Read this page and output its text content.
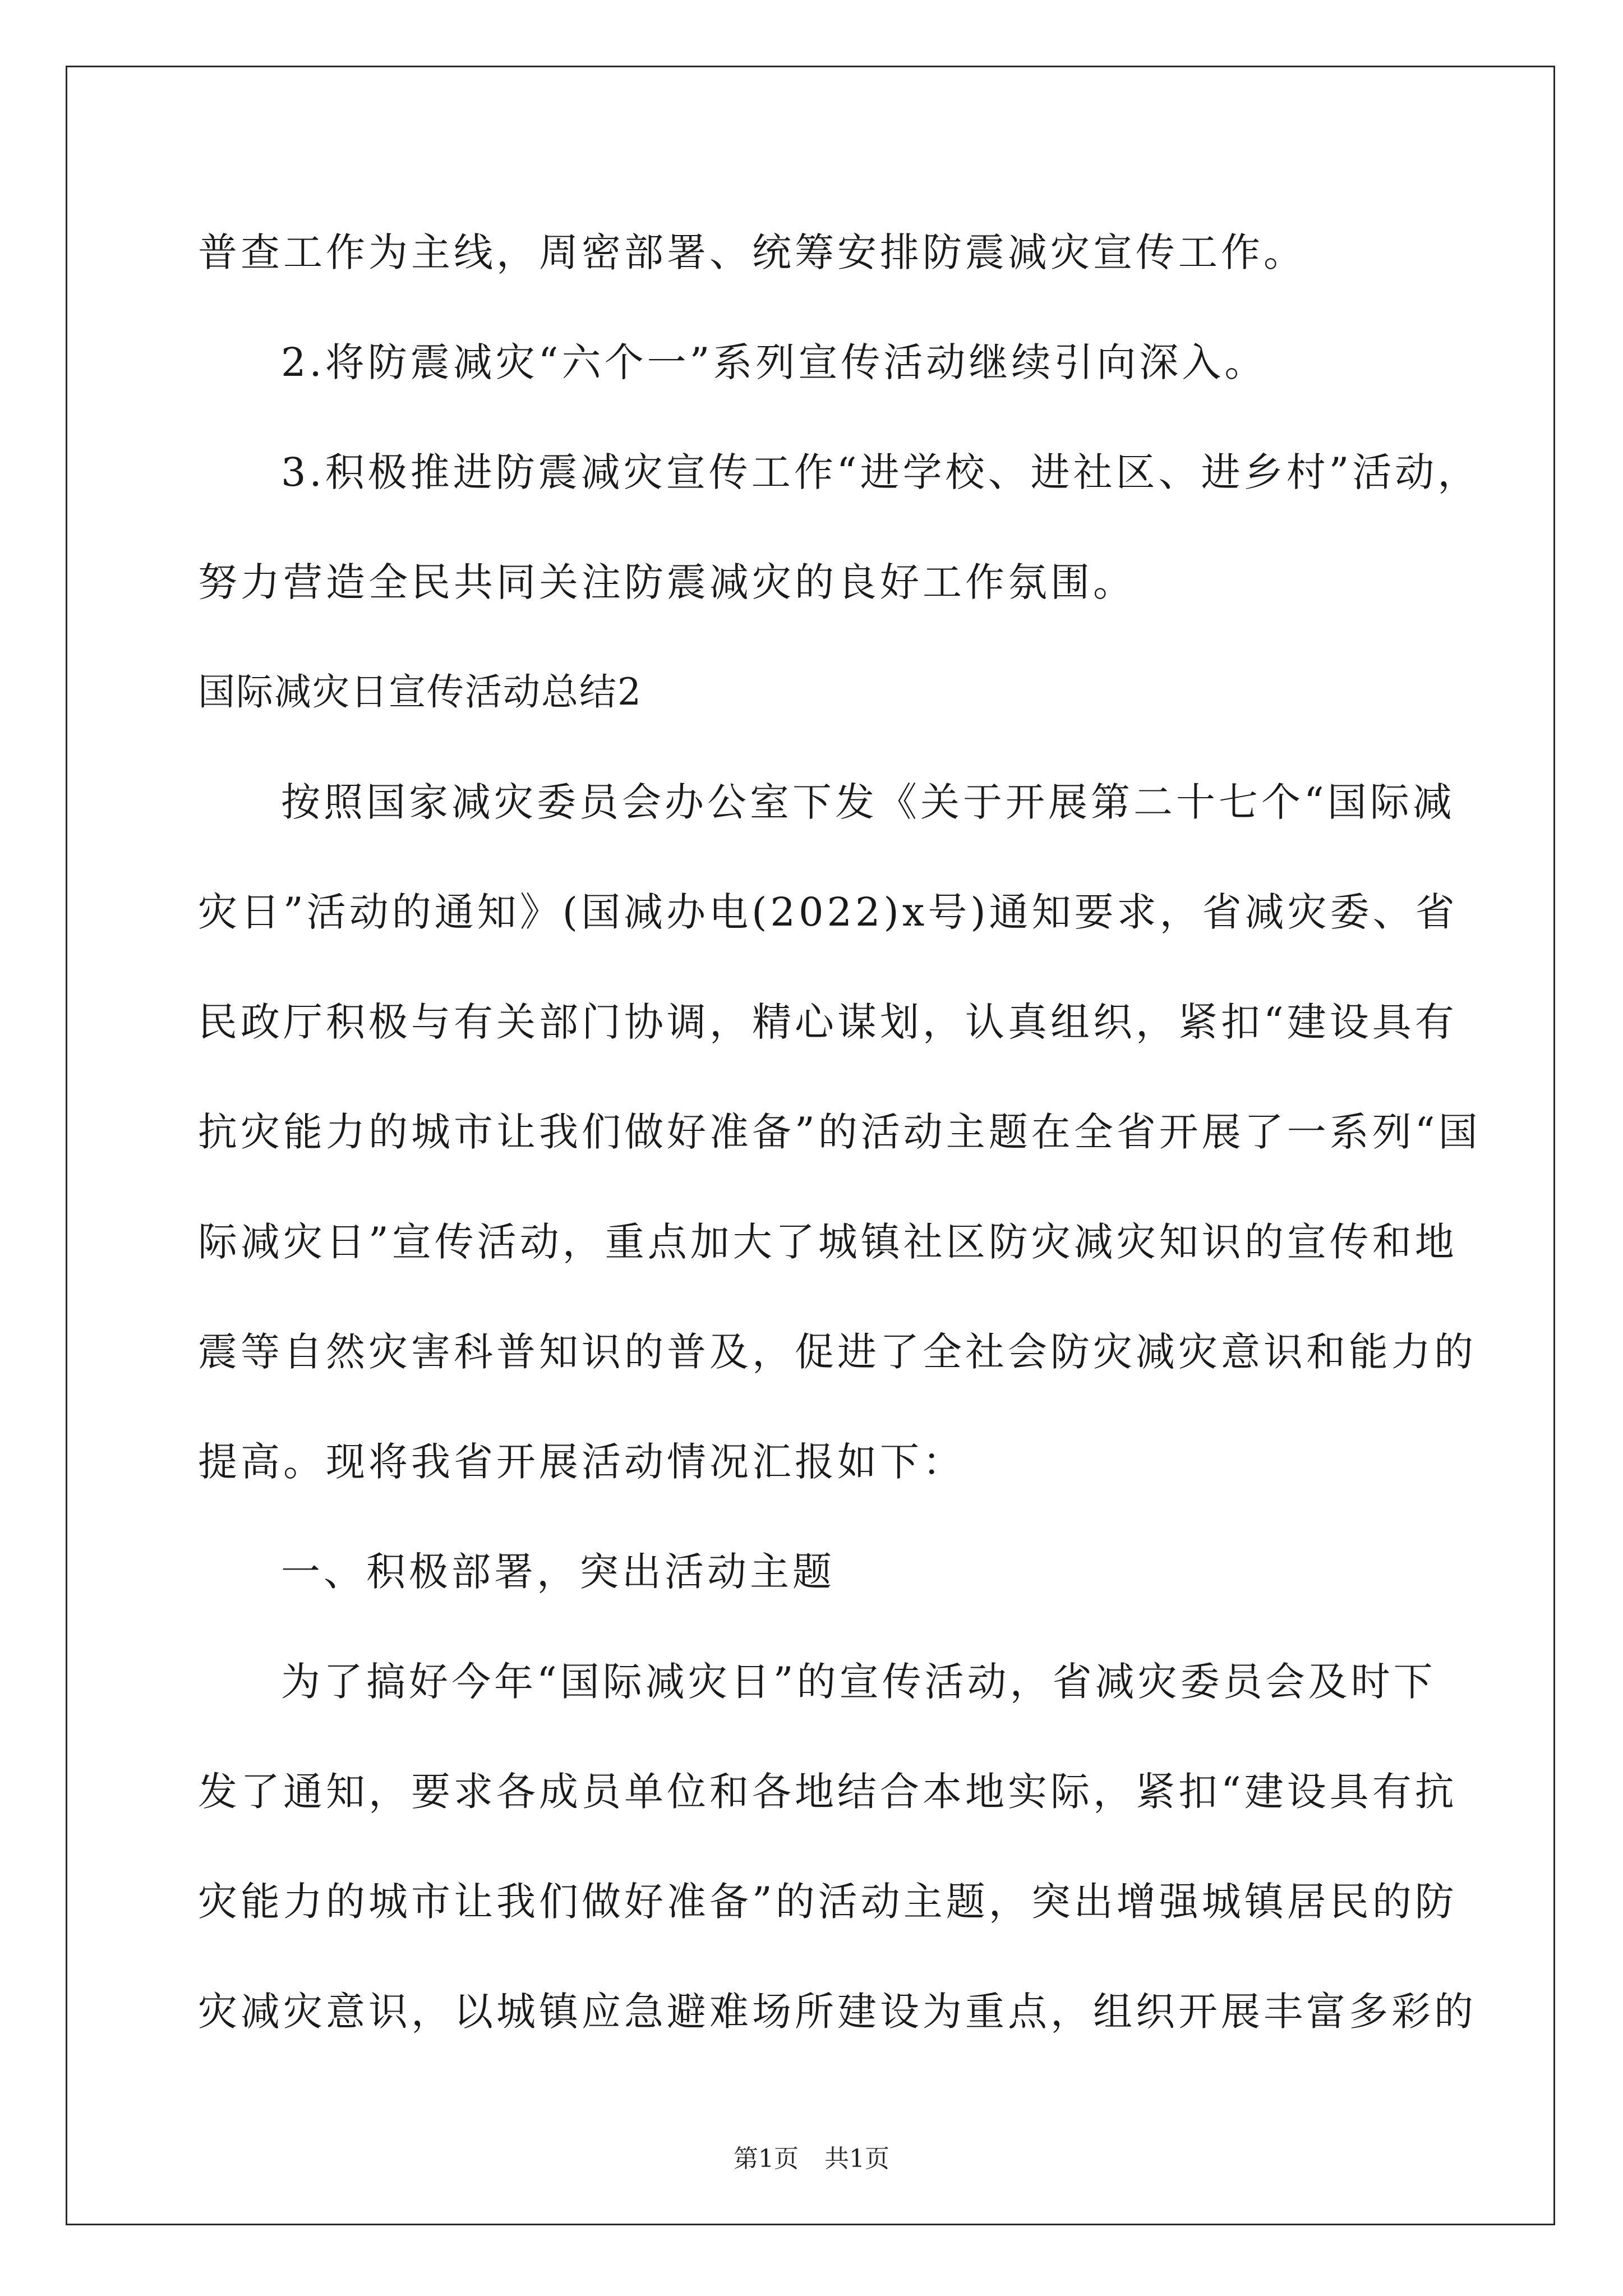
普查工作为主线，周密部署、统筹安排防震减灾宣传工作。
2.将防震减灾“六个一”系列宣传活动继续引向深入。
3.积极推进防震减灾宣传工作“进学校、进社区、进乡村”活动，
努力营造全民共同关注防震减灾的良好工作氛围。
国际减灾日宣传活动总结2
按照国家减灾委员会办公室下发《关于开展第二十七个“国际减
灾日”活动的通知》(国减办电(2022)x号)通知要求，省减灾委、省
民政厅积极与有关部门协调，精心谋划，认真组织，紧扣“建设具有
抗灾能力的城市让我们做好准备”的活动主题在全省开展了一系列“国
际减灾日”宣传活动，重点加大了城镇社区防灾减灾知识的宣传和地
震等自然灾害科普知识的普及，促进了全社会防灾减灾意识和能力的
提高。现将我省开展活动情况汇报如下：
一、积极部署，突出活动主题
为了搞好今年“国际减灾日”的宣传活动，省减灾委员会及时下
发了通知，要求各成员单位和各地结合本地实际，紧扣“建设具有抗
灾能力的城市让我们做好准备”的活动主题，突出增强城镇居民的防
灾减灾意识，以城镇应急避难场所建设为重点，组织开展丰富多彩的
第1页 共1页
